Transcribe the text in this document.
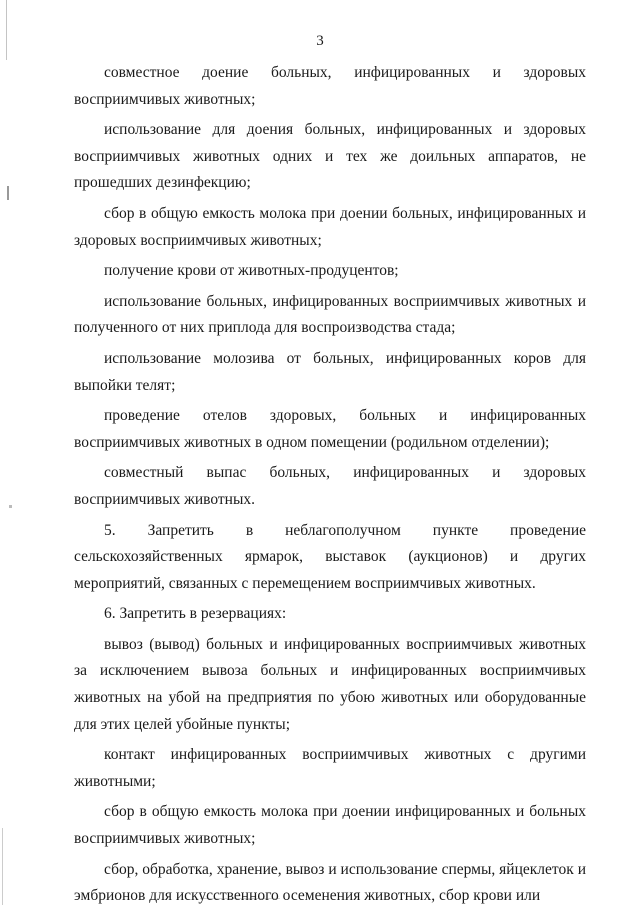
3

совместное доение больных, инфицированных и здоровых восприимчивых животных;

использование для доения больных, инфицированных и здоровых восприимчивых животных одних и тех же доильных аппаратов, не прошедших дезинфекцию;

сбор в общую емкость молока при доении больных, инфицированных и здоровых восприимчивых животных;

получение крови от животных-продуцентов;

использование больных, инфицированных восприимчивых животных и полученного от них приплода для воспроизводства стада;

использование молозива от больных, инфицированных коров для выпойки телят;

проведение отелов здоровых, больных и инфицированных восприимчивых животных в одном помещении (родильном отделении);

совместный выпас больных, инфицированных и здоровых восприимчивых животных.

5. Запретить в неблагополучном пункте проведение сельскохозяйственных ярмарок, выставок (аукционов) и других мероприятий, связанных с перемещением восприимчивых животных.

6. Запретить в резервациях:

вывоз (вывод) больных и инфицированных восприимчивых животных за исключением вывоза больных и инфицированных восприимчивых животных на убой на предприятия по убою животных или оборудованные для этих целей убойные пункты;

контакт инфицированных восприимчивых животных с другими животными;

сбор в общую емкость молока при доении инфицированных и больных восприимчивых животных;

сбор, обработка, хранение, вывоз и использование спермы, яйцеклеток и эмбрионов для искусственного осеменения животных, сбор крови или
